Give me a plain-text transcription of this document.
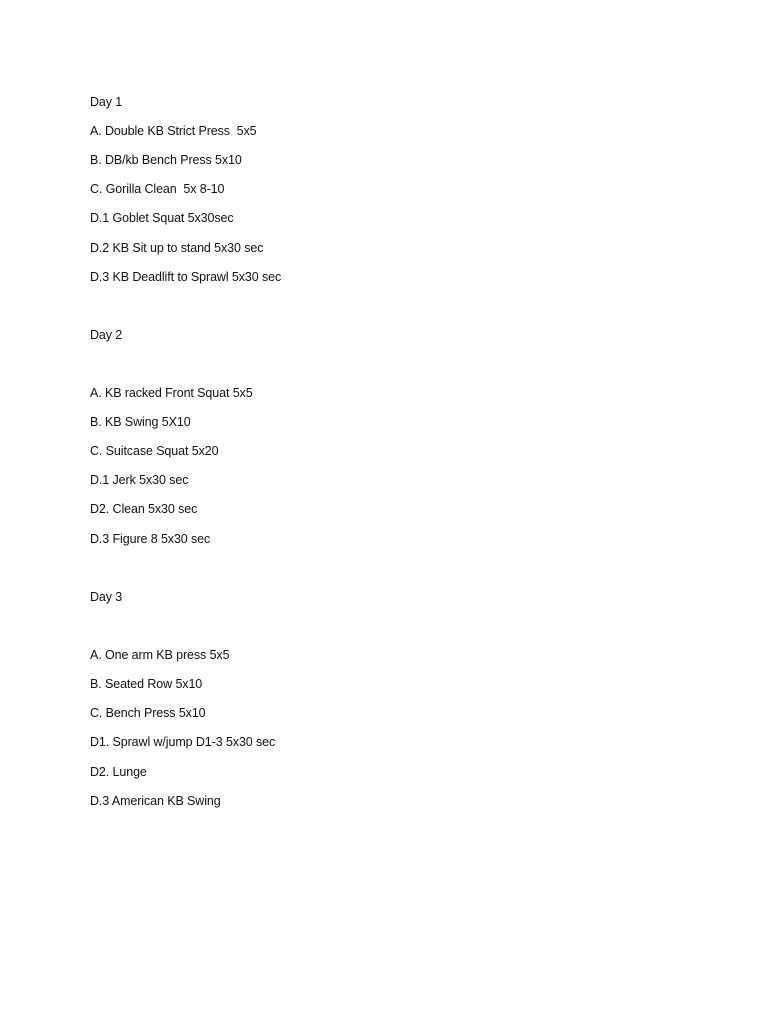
Day 1
A. Double KB Strict Press  5x5
B. DB/kb Bench Press 5x10
C. Gorilla Clean  5x 8-10
D.1 Goblet Squat 5x30sec
D.2 KB Sit up to stand 5x30 sec
D.3 KB Deadlift to Sprawl 5x30 sec
Day 2
A. KB racked Front Squat 5x5
B. KB Swing 5X10
C. Suitcase Squat 5x20
D.1 Jerk 5x30 sec
D2. Clean 5x30 sec
D.3 Figure 8 5x30 sec
Day 3
A. One arm KB press 5x5
B. Seated Row 5x10
C. Bench Press 5x10
D1. Sprawl w/jump D1-3 5x30 sec
D2. Lunge
D.3 American KB Swing
